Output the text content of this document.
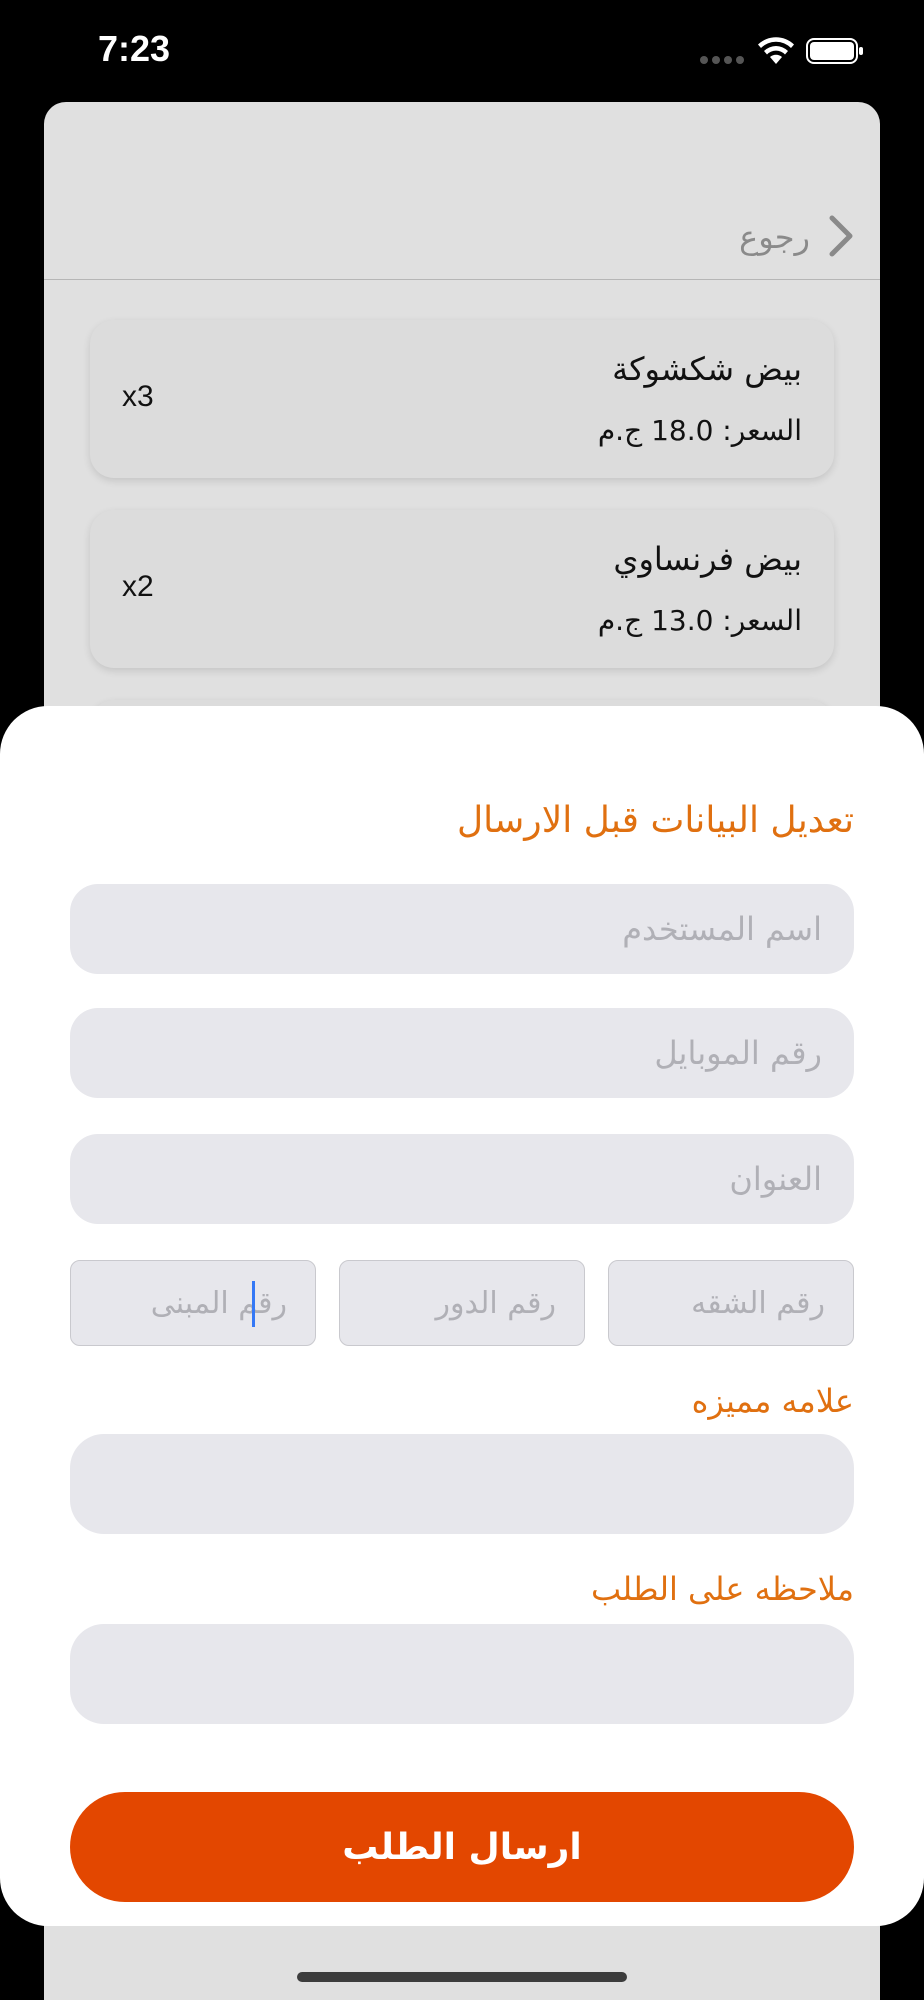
7:23
رجوع
بيض شكشوكة
السعر: 18.0 ج.م
x3
بيض فرنساوي
السعر: 13.0 ج.م
x2
تعديل البيانات قبل الارسال
اسم المستخدم
رقم الموبايل
العنوان
رقم الشقه
رقم الدور
رقم المبنى
علامه مميزه
ملاحظه على الطلب
ارسال الطلب
